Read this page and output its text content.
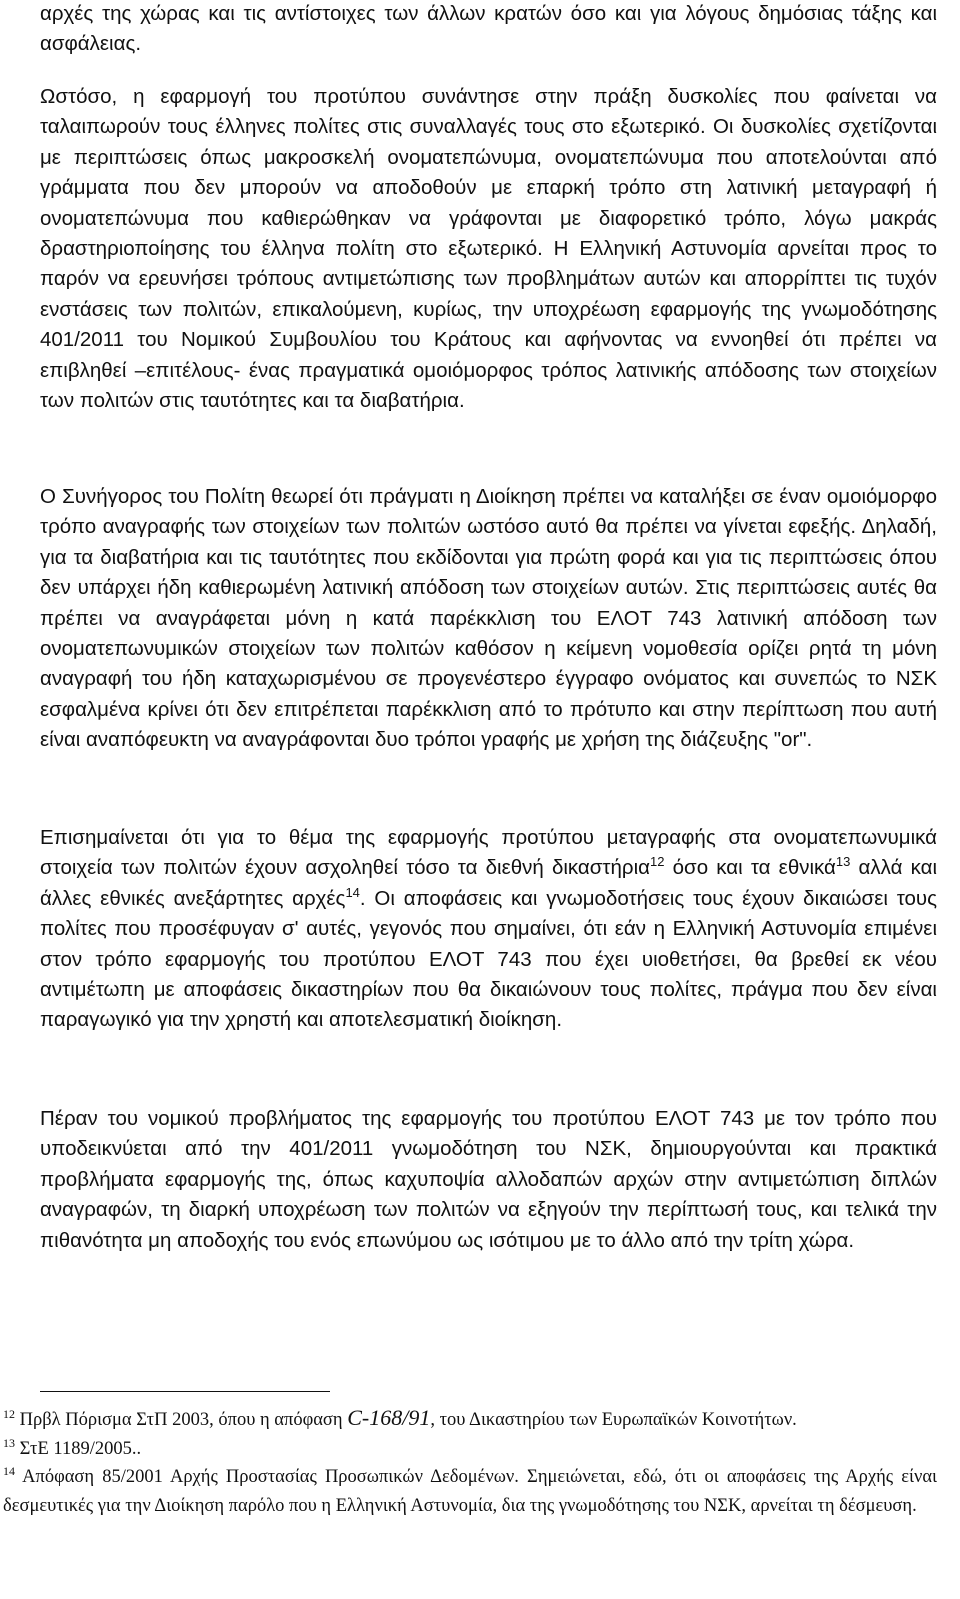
αρχές της χώρας και τις αντίστοιχες των άλλων κρατών όσο και για λόγους δημόσιας τάξης και ασφάλειας.

Ωστόσο, η εφαρμογή του προτύπου συνάντησε στην πράξη δυσκολίες που φαίνεται να ταλαιπωρούν τους έλληνες πολίτες στις συναλλαγές τους στο εξωτερικό. Οι δυσκολίες σχετίζονται με περιπτώσεις όπως μακροσκελή ονοματεπώνυμα, ονοματεπώνυμα που αποτελούνται από γράμματα που δεν μπορούν να αποδοθούν με επαρκή τρόπο στη λατινική μεταγραφή ή ονοματεπώνυμα που καθιερώθηκαν να γράφονται με διαφορετικό τρόπο, λόγω μακράς δραστηριοποίησης του έλληνα πολίτη στο εξωτερικό. Η Ελληνική Αστυνομία αρνείται προς το παρόν να ερευνήσει τρόπους αντιμετώπισης των προβλημάτων αυτών και απορρίπτει τις τυχόν ενστάσεις των πολιτών, επικαλούμενη, κυρίως, την υποχρέωση εφαρμογής της γνωμοδότησης 401/2011 του Νομικού Συμβουλίου του Κράτους και αφήνοντας να εννοηθεί ότι πρέπει να επιβληθεί –επιτέλους- ένας πραγματικά ομοιόμορφος τρόπος λατινικής απόδοσης των στοιχείων των πολιτών στις ταυτότητες και τα διαβατήρια.

Ο Συνήγορος του Πολίτη θεωρεί ότι πράγματι η Διοίκηση πρέπει να καταλήξει σε έναν ομοιόμορφο τρόπο αναγραφής των στοιχείων των πολιτών ωστόσο αυτό θα πρέπει να γίνεται εφεξής. Δηλαδή, για τα διαβατήρια και τις ταυτότητες που εκδίδονται για πρώτη φορά και για τις περιπτώσεις όπου δεν υπάρχει ήδη καθιερωμένη λατινική απόδοση των στοιχείων αυτών. Στις περιπτώσεις αυτές θα πρέπει να αναγράφεται μόνη η κατά παρέκκλιση του ΕΛΟΤ 743 λατινική απόδοση των ονοματεπωνυμικών στοιχείων των πολιτών καθόσον η κείμενη νομοθεσία ορίζει ρητά τη μόνη αναγραφή του ήδη καταχωρισμένου σε προγενέστερο έγγραφο ονόματος και συνεπώς το ΝΣΚ εσφαλμένα κρίνει ότι δεν επιτρέπεται παρέκκλιση από το πρότυπο και στην περίπτωση που αυτή είναι αναπόφευκτη να αναγράφονται δυο τρόποι γραφής με χρήση της διάζευξης "or".

Επισημαίνεται ότι για το θέμα της εφαρμογής προτύπου μεταγραφής στα ονοματεπωνυμικά στοιχεία των πολιτών έχουν ασχοληθεί τόσο τα διεθνή δικαστήρια$^{12}$ όσο και τα εθνικά$^{13}$ αλλά και άλλες εθνικές ανεξάρτητες αρχές$^{14}$. Οι αποφάσεις και γνωμοδοτήσεις τους έχουν δικαιώσει τους πολίτες που προσέφυγαν σ' αυτές, γεγονός που σημαίνει, ότι εάν η Ελληνική Αστυνομία επιμένει στον τρόπο εφαρμογής του προτύπου ΕΛΟΤ 743 που έχει υιοθετήσει, θα βρεθεί εκ νέου αντιμέτωπη με αποφάσεις δικαστηρίων που θα δικαιώνουν τους πολίτες, πράγμα που δεν είναι παραγωγικό για την χρηστή και αποτελεσματική διοίκηση.

Πέραν του νομικού προβλήματος της εφαρμογής του προτύπου ΕΛΟΤ 743 με τον τρόπο που υποδεικνύεται από την 401/2011 γνωμοδότηση του ΝΣΚ, δημιουργούνται και πρακτικά προβλήματα εφαρμογής της, όπως καχυποψία αλλοδαπών αρχών στην αντιμετώπιση διπλών αναγραφών, τη διαρκή υποχρέωση των πολιτών να εξηγούν την περίπτωσή τους, και τελικά την πιθανότητα μη αποδοχής του ενός επωνύμου ως ισότιμου με το άλλο από την τρίτη χώρα.

$^{12}$ Πρβλ Πόρισμα ΣτΠ 2003, όπου η απόφαση C-168/91, του Δικαστηρίου των Ευρωπαϊκών Κοινοτήτων.

$^{13}$ ΣτΕ 1189/2005..

$^{14}$ Απόφαση 85/2001 Αρχής Προστασίας Προσωπικών Δεδομένων. Σημειώνεται, εδώ, ότι οι αποφάσεις της Αρχής είναι δεσμευτικές για την Διοίκηση παρόλο που η Ελληνική Αστυνομία, δια της γνωμοδότησης του ΝΣΚ, αρνείται τη δέσμευση.
